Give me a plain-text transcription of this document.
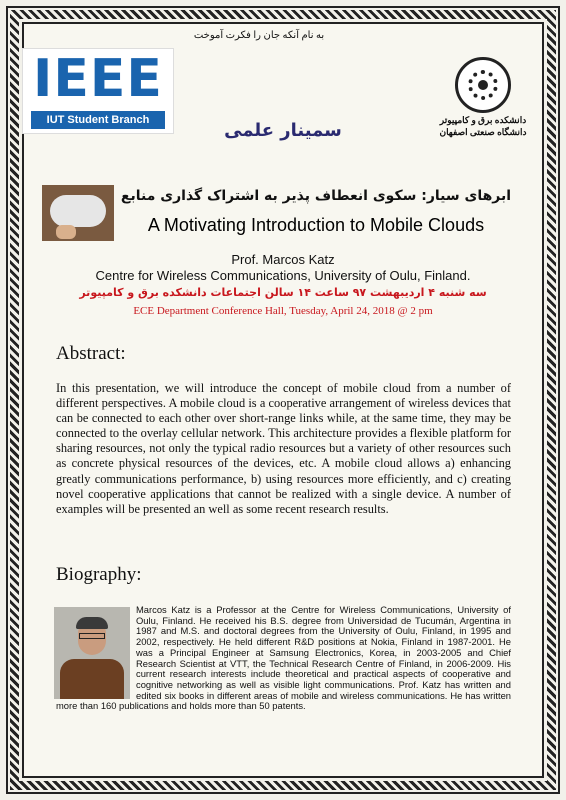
به نام آنکه جان را فکرت آموخت
IEEE
IUT Student Branch	دانشکده برق و کامپیوتر
دانشگاه صنعتی اصفهان
سمینار علمی
ابرهای سیار: سکوی انعطاف پذیر به اشتراک گذاری منابع
A Motivating Introduction to Mobile Clouds
Prof. Marcos Katz
Centre for Wireless Communications, University of Oulu, Finland.
سه شنبه ۴ اردیبهشت ۹۷ ساعت ۱۴ سالن اجتماعات دانشکده برق و کامپیوتر
ECE Department Conference Hall, Tuesday, April 24, 2018 @ 2 pm
Abstract:
In this presentation, we will introduce the concept of mobile cloud from a number of different perspectives. A mobile cloud is a cooperative arrangement of wireless devices that can be connected to each other over short-range links while, at the same time, they may be connected to the overlay cellular network. This architecture provides a flexible platform for sharing resources, not only the typical radio resources but a variety of other resources such as concrete physical resources of the devices, etc. A mobile cloud allows a) enhancing greatly communications performance, b) using resources more efficiently, and c) creating novel cooperative applications that cannot be realized with a single device. A number of examples will be presented an well as some recent research results.
Biography:
Marcos Katz is a Professor at the Centre for Wireless Communications, University of Oulu, Finland. He received his B.S. degree from Universidad de Tucumán, Argentina in 1987 and M.S. and doctoral degrees from the University of Oulu, Finland, in 1995 and 2002, respectively. He held different R&D positions at Nokia, Finland in 1987-2001. He was a Principal Engineer at Samsung Electronics, Korea, in 2003-2005 and Chief Research Scientist at VTT, the Technical Research Centre of Finland, in 2006-2009. His current research interests include theoretical and practical aspects of cooperative and cognitive networking as well as visible light communications. Prof. Katz has written and edited six books in different areas of mobile and wireless communications. He has written more than 160 publications and holds more than 50 patents.
